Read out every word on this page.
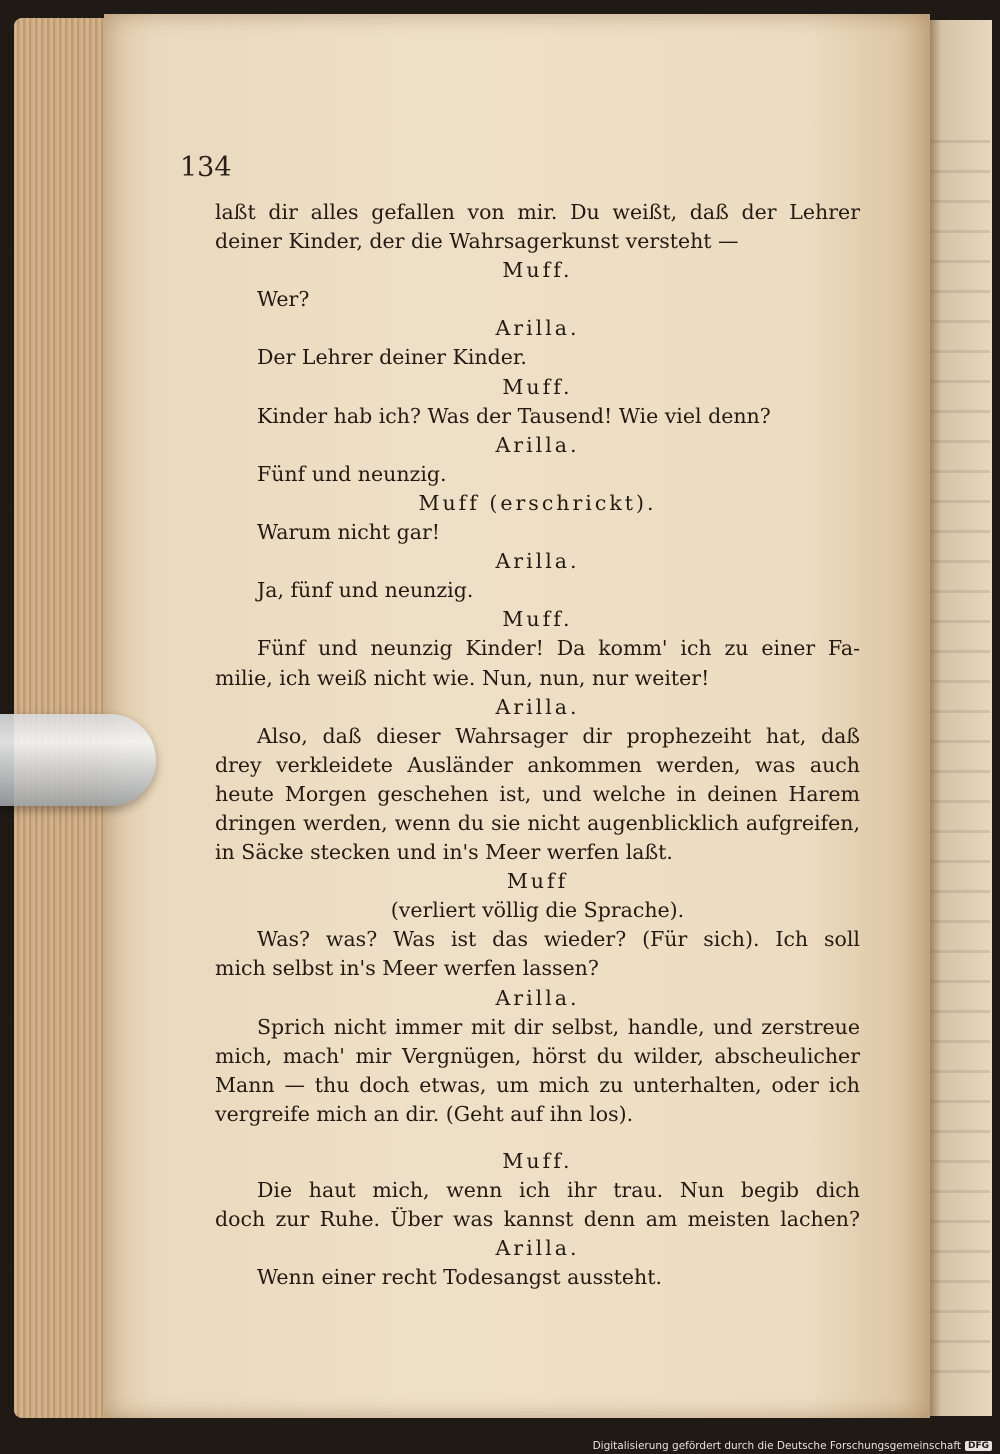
134
laßt dir alles gefallen von mir. Du weißt, daß der Lehrer
deiner Kinder, der die Wahrsagerkunst versteht —
Muff.
Wer?
Arilla.
Der Lehrer deiner Kinder.
Muff.
Kinder hab ich? Was der Tausend! Wie viel denn?
Arilla.
Fünf und neunzig.
Muff (erschrickt).
Warum nicht gar!
Arilla.
Ja, fünf und neunzig.
Muff.
Fünf und neunzig Kinder! Da komm' ich zu einer Fa-
milie, ich weiß nicht wie. Nun, nun, nur weiter!
Arilla.
Also, daß dieser Wahrsager dir prophezeiht hat, daß
drey verkleidete Ausländer ankommen werden, was auch
heute Morgen geschehen ist, und welche in deinen Harem
dringen werden, wenn du sie nicht augenblicklich aufgreifen,
in Säcke stecken und in's Meer werfen laßt.
Muff
(verliert völlig die Sprache).
Was? was? Was ist das wieder? (Für sich). Ich soll
mich selbst in's Meer werfen lassen?
Arilla.
Sprich nicht immer mit dir selbst, handle, und zerstreue
mich, mach' mir Vergnügen, hörst du wilder, abscheulicher
Mann — thu doch etwas, um mich zu unterhalten, oder ich
vergreife mich an dir. (Geht auf ihn los).
Muff.
Die haut mich, wenn ich ihr trau. Nun begib dich
doch zur Ruhe. Über was kannst denn am meisten lachen?
Arilla.
Wenn einer recht Todesangst aussteht.
Digitalisierung gefördert durch die Deutsche Forschungsgemeinschaft DFG
